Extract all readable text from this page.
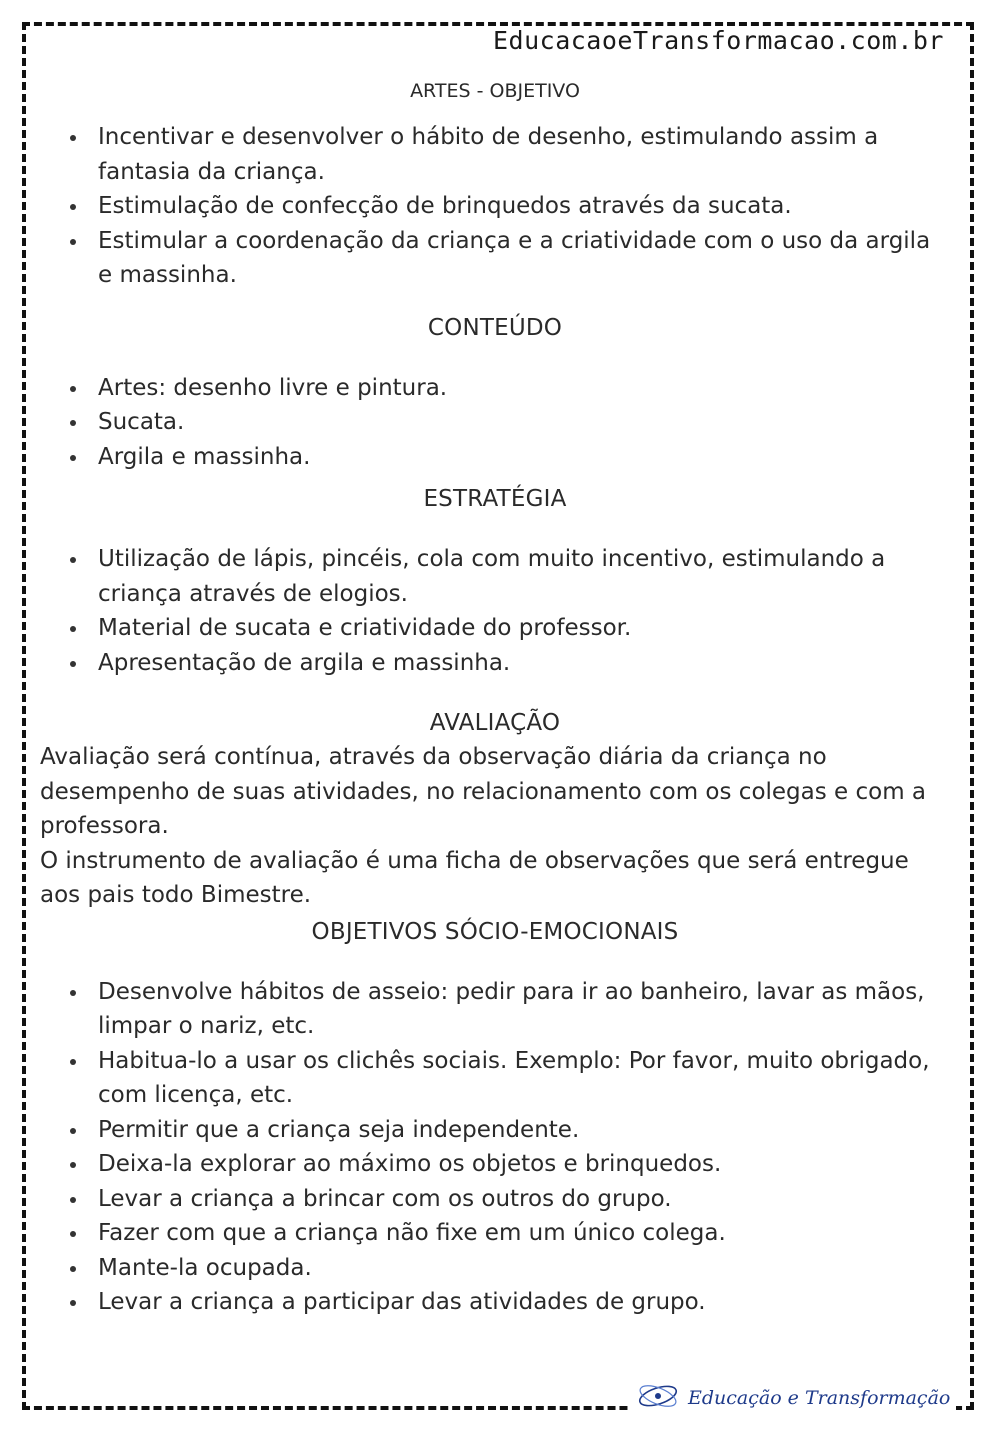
EducacaoeTransformacao.com.br
ARTES - OBJETIVO
Incentivar e desenvolver o hábito de desenho, estimulando assim a fantasia da criança.
Estimulação de confecção de brinquedos através da sucata.
Estimular a coordenação da criança e a criatividade com o uso da argila e massinha.
CONTEÚDO
Artes: desenho livre e pintura.
Sucata.
Argila e massinha.
ESTRATÉGIA
Utilização de lápis, pincéis, cola com muito incentivo, estimulando a criança através de elogios.
Material de sucata e criatividade do professor.
Apresentação de argila e massinha.
AVALIAÇÃO

Avaliação será contínua, através da observação diária da criança no desempenho de suas atividades, no relacionamento com os colegas e com a professora.

O instrumento de avaliação é uma ficha de observações que será entregue aos pais todo Bimestre.

OBJETIVOS SÓCIO-EMOCIONAIS
Desenvolve hábitos de asseio: pedir para ir ao banheiro, lavar as mãos, limpar o nariz, etc.
Habitua-lo a usar os clichês sociais. Exemplo: Por favor, muito obrigado, com licença, etc.
Permitir que a criança seja independente.
Deixa-la explorar ao máximo os objetos e brinquedos.
Levar a criança a brincar com os outros do grupo.
Fazer com que a criança não fixe em um único colega.
Mante-la ocupada.
Levar a criança a participar das atividades de grupo.
Educação e Transformação
